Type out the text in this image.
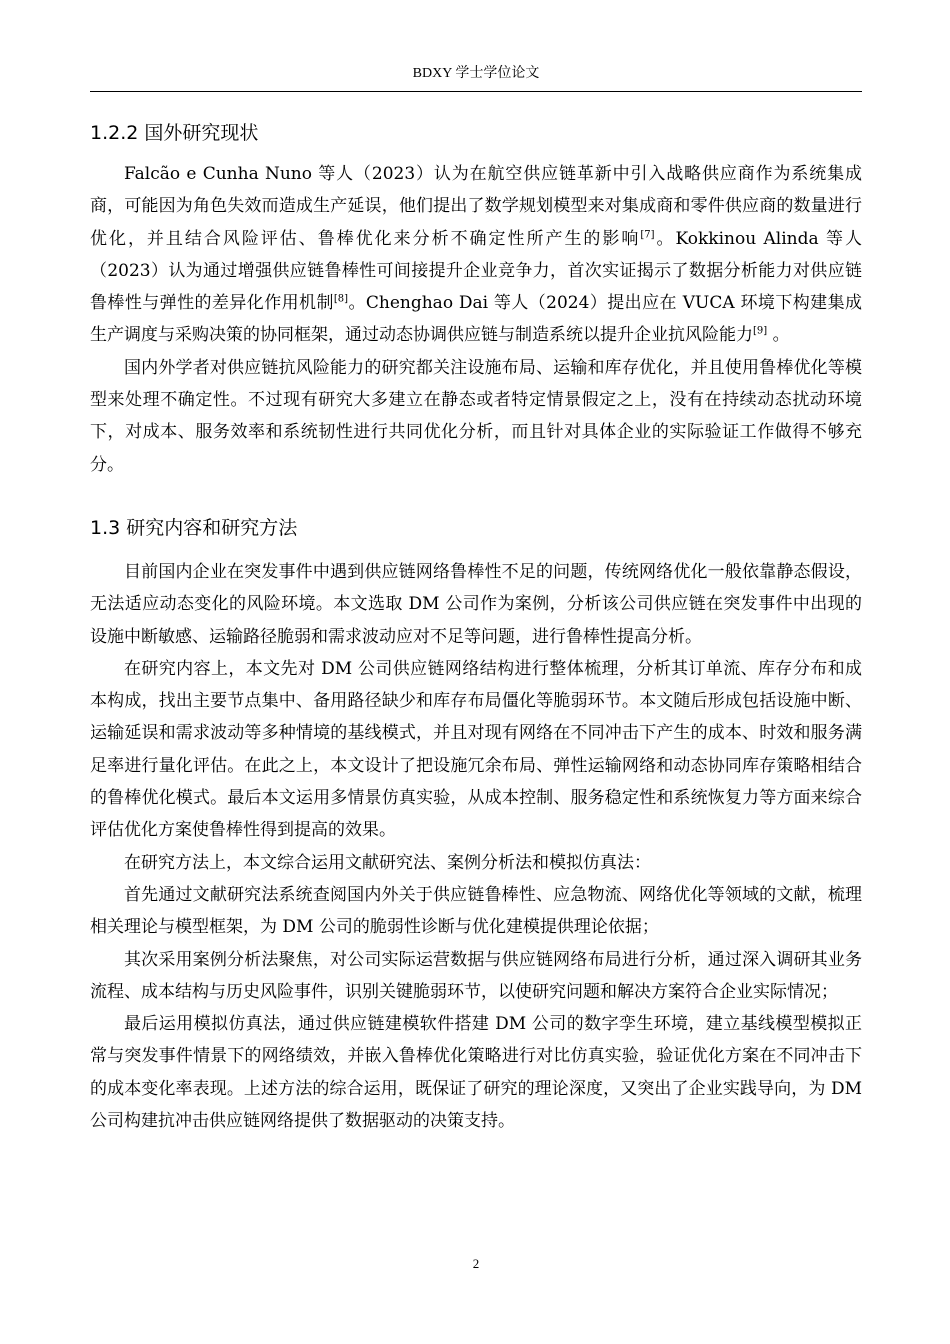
BDXY 学士学位论文
1.2.2 国外研究现状

Falcão e Cunha Nuno 等人（2023）认为在航空供应链革新中引入战略供应商作为系统集成商，可能因为角色失效而造成生产延误，他们提出了数学规划模型来对集成商和零件供应商的数量进行优化，并且结合风险评估、鲁棒优化来分析不确定性所产生的影响[7]。Kokkinou Alinda 等人（2023）认为通过增强供应链鲁棒性可间接提升企业竞争力，首次实证揭示了数据分析能力对供应链鲁棒性与弹性的差异化作用机制[8]。Chenghao Dai 等人（2024）提出应在 VUCA 环境下构建集成生产调度与采购决策的协同框架，通过动态协调供应链与制造系统以提升企业抗风险能力[9] 。

国内外学者对供应链抗风险能力的研究都关注设施布局、运输和库存优化，并且使用鲁棒优化等模型来处理不确定性。不过现有研究大多建立在静态或者特定情景假定之上，没有在持续动态扰动环境下，对成本、服务效率和系统韧性进行共同优化分析，而且针对具体企业的实际验证工作做得不够充分。

1.3 研究内容和研究方法

目前国内企业在突发事件中遇到供应链网络鲁棒性不足的问题，传统网络优化一般依靠静态假设，无法适应动态变化的风险环境。本文选取 DM 公司作为案例，分析该公司供应链在突发事件中出现的设施中断敏感、运输路径脆弱和需求波动应对不足等问题，进行鲁棒性提高分析。

在研究内容上，本文先对 DM 公司供应链网络结构进行整体梳理，分析其订单流、库存分布和成本构成，找出主要节点集中、备用路径缺少和库存布局僵化等脆弱环节。本文随后形成包括设施中断、运输延误和需求波动等多种情境的基线模式，并且对现有网络在不同冲击下产生的成本、时效和服务满足率进行量化评估。在此之上，本文设计了把设施冗余布局、弹性运输网络和动态协同库存策略相结合的鲁棒优化模式。最后本文运用多情景仿真实验，从成本控制、服务稳定性和系统恢复力等方面来综合评估优化方案使鲁棒性得到提高的效果。

在研究方法上，本文综合运用文献研究法、案例分析法和模拟仿真法：

首先通过文献研究法系统查阅国内外关于供应链鲁棒性、应急物流、网络优化等领域的文献，梳理相关理论与模型框架，为 DM 公司的脆弱性诊断与优化建模提供理论依据；

其次采用案例分析法聚焦，对公司实际运营数据与供应链网络布局进行分析，通过深入调研其业务流程、成本结构与历史风险事件，识别关键脆弱环节，以使研究问题和解决方案符合企业实际情况；

最后运用模拟仿真法，通过供应链建模软件搭建 DM 公司的数字孪生环境，建立基线模型模拟正常与突发事件情景下的网络绩效，并嵌入鲁棒优化策略进行对比仿真实验，验证优化方案在不同冲击下的成本变化率表现。上述方法的综合运用，既保证了研究的理论深度，又突出了企业实践导向，为 DM 公司构建抗冲击供应链网络提供了数据驱动的决策支持。

2
